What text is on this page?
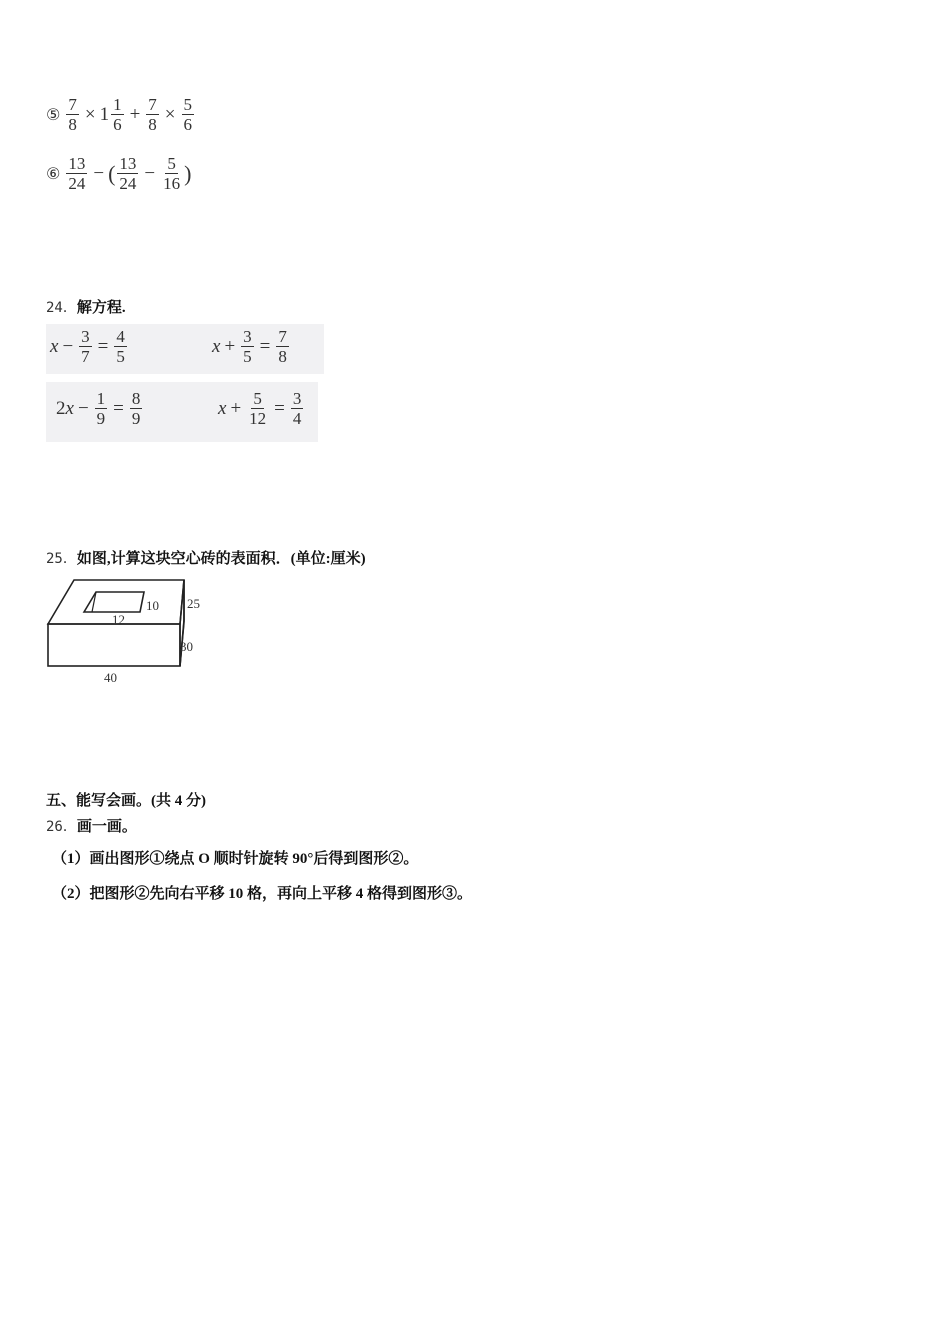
⑤ $\frac{7}{8} \times 1 \frac{1}{6} + \frac{7}{8} \times \frac{5}{6}$
⑥ $\frac{13}{24}$ − ( $\frac{13}{24} - \frac{5}{16}$ )
24． 解方程.
$x - \frac{3}{7} = \frac{4}{5}$	$x + \frac{3}{5} = \frac{7}{8}$
2 $x - \frac{1}{9} = \frac{8}{9}$	$x + \frac{5}{12} = \frac{3}{4}$
25． 如图,计算这块空心砖的表面积．(单位:厘米)
12
10 25
30
40
五、能写会画。(共 4 分)
26． 画一画。
（1）画出图形①绕点 O 顺时针旋转 90°后得到图形②。
（2）把图形②先向右平移 10 格，再向上平移 4 格得到图形③。
